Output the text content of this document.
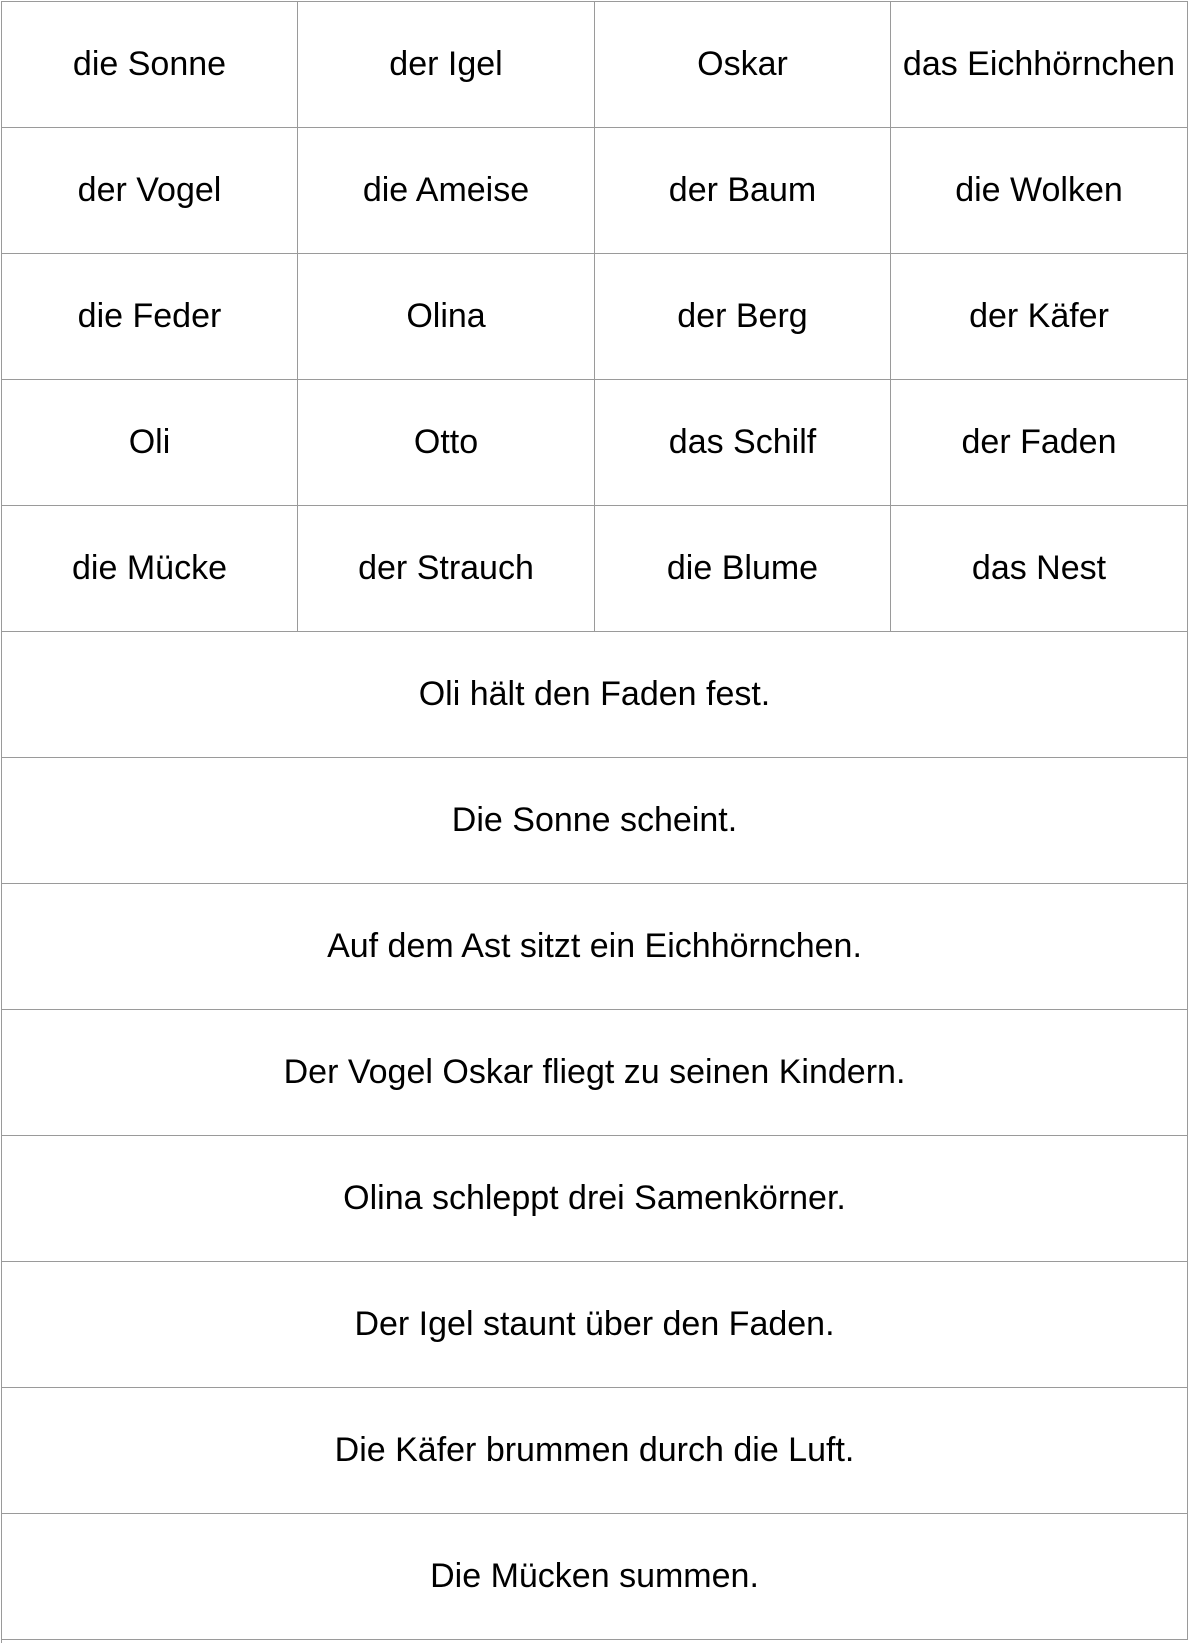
die Sonne	der Igel	Oskar	das Eichhörnchen
der Vogel	die Ameise	der Baum	die Wolken
die Feder	Olina	der Berg	der Käfer
Oli	Otto	das Schilf	der Faden
die Mücke	der Strauch	die Blume	das Nest
Oli hält den Faden fest.
Die Sonne scheint.
Auf dem Ast sitzt ein Eichhörnchen.
Der Vogel Oskar fliegt zu seinen Kindern.
Olina schleppt drei Samenkörner.
Der Igel staunt über den Faden.
Die Käfer brummen durch die Luft.
Die Mücken summen.
